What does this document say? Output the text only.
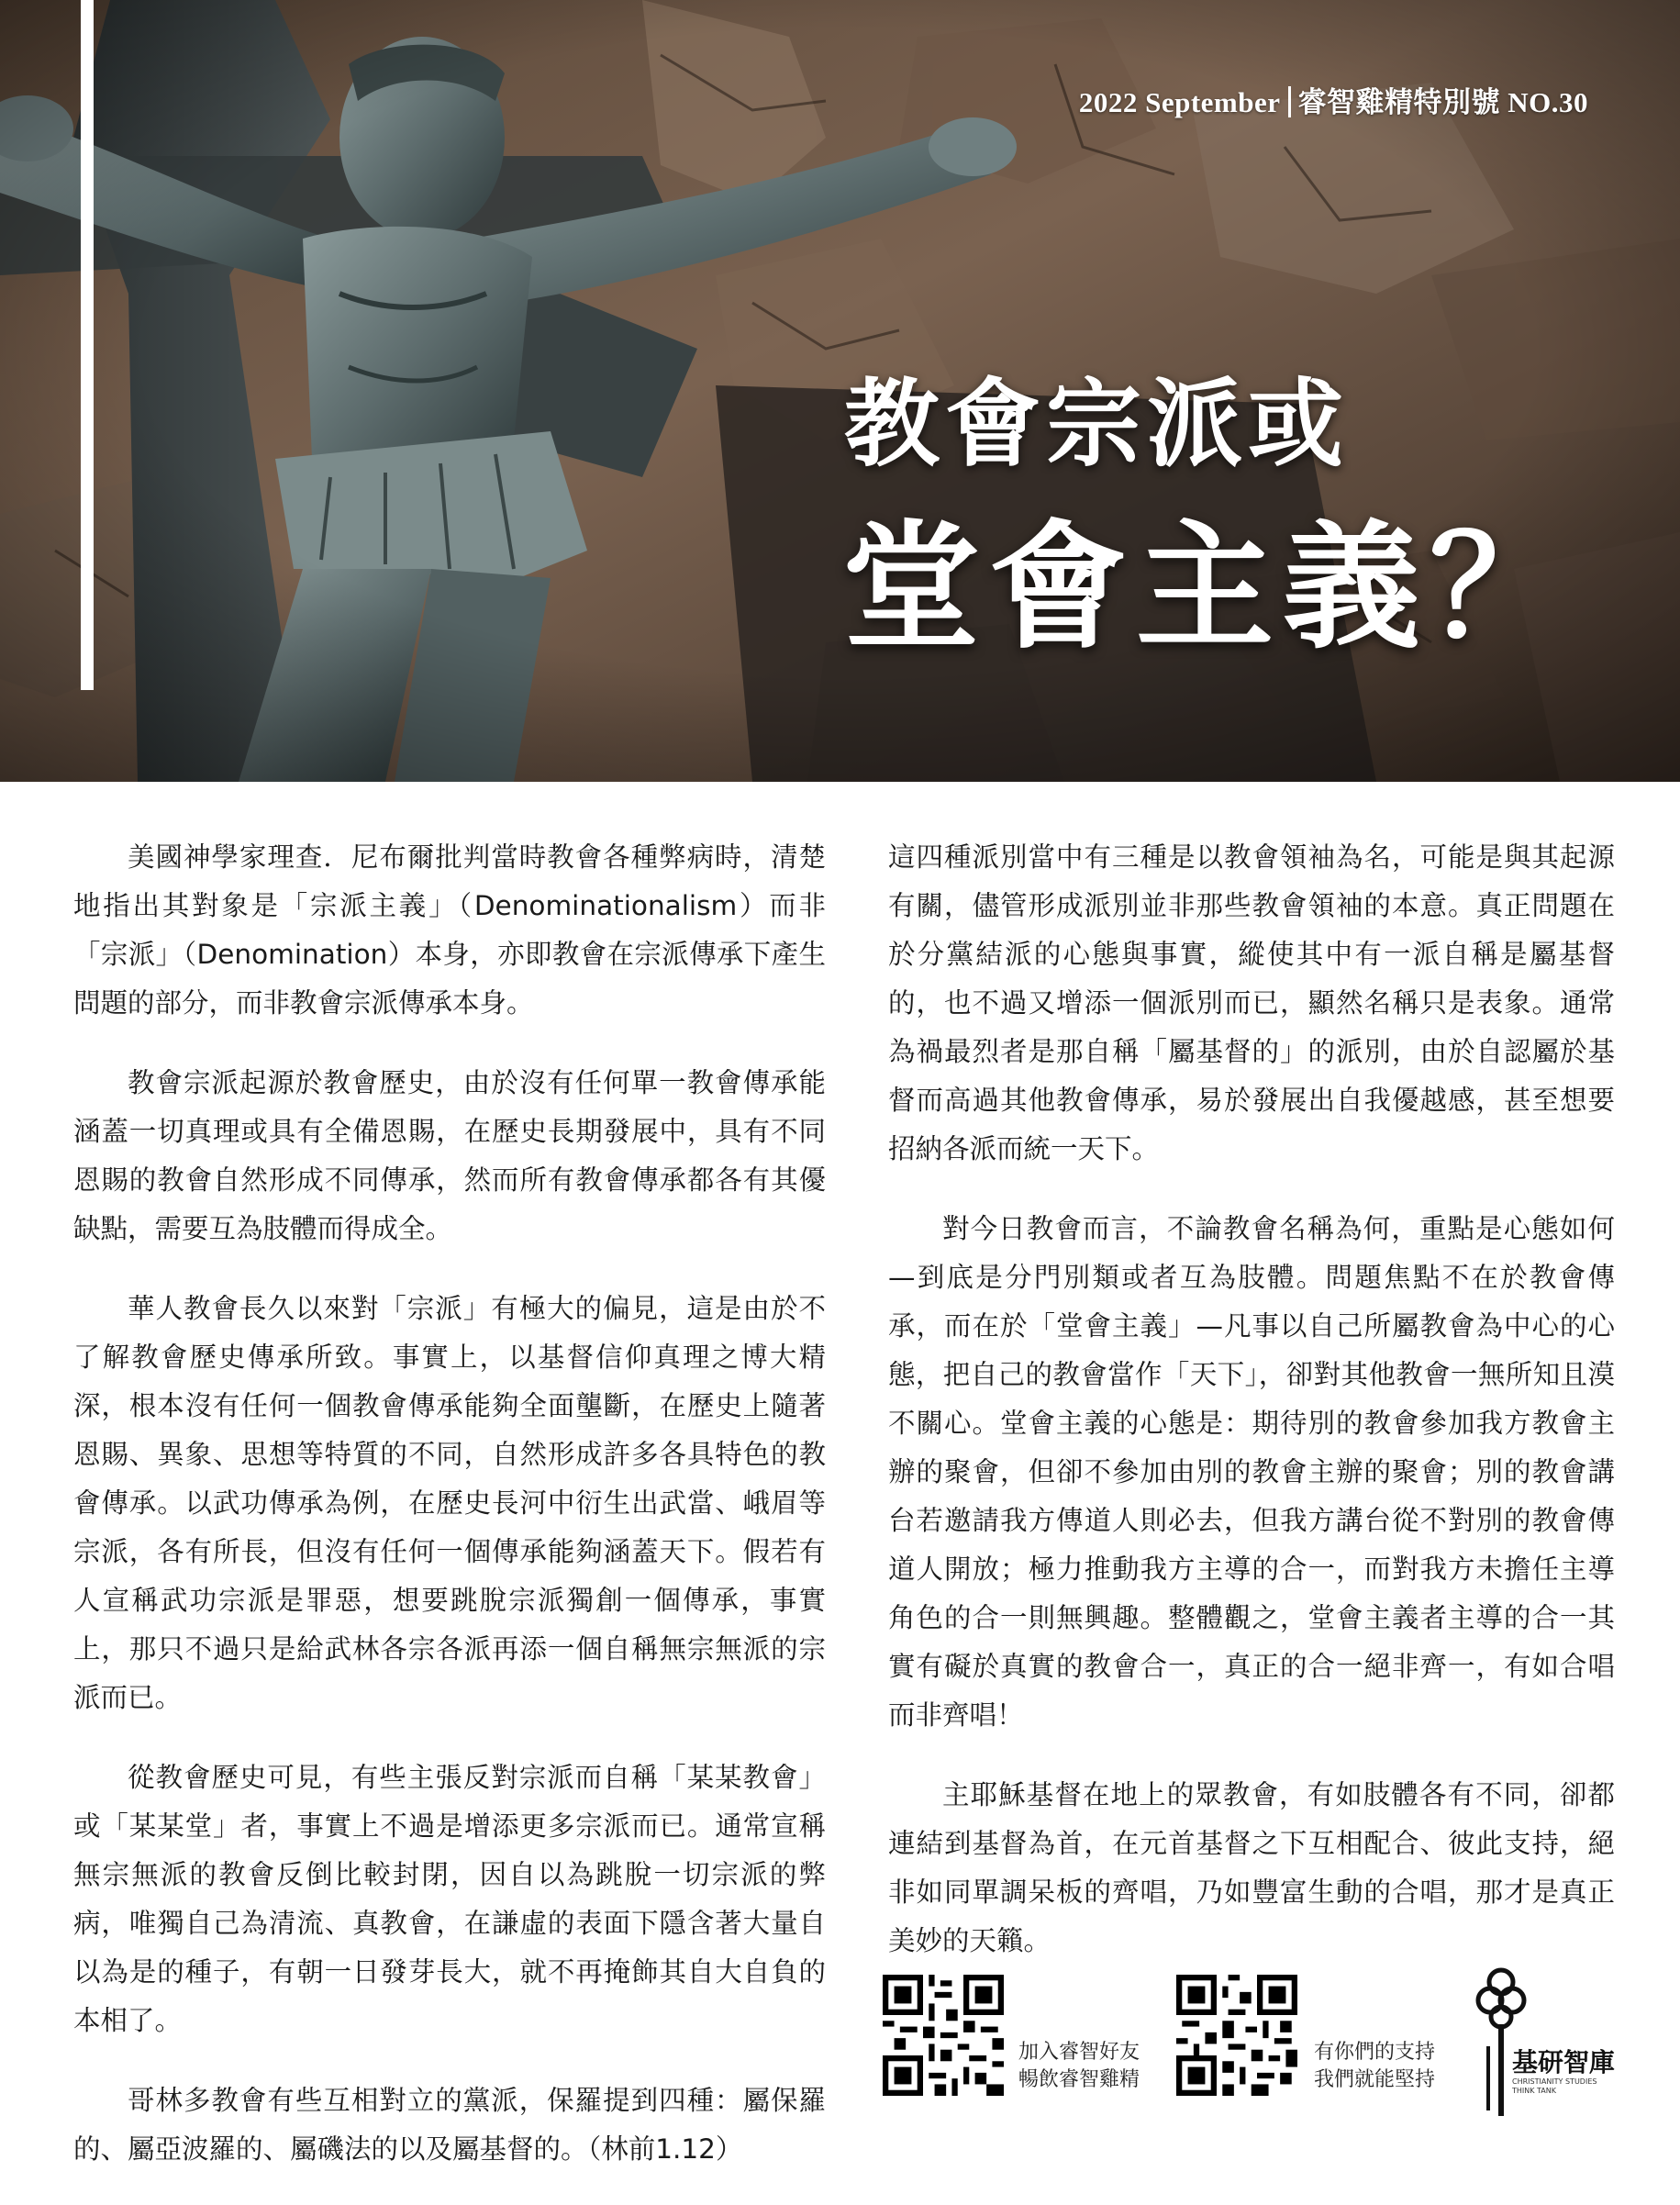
2022 September 睿智雞精特別號 NO.30
教會宗派或
堂會主義？

美國神學家理查．尼布爾批判當時教會各種弊病時，清楚地指出其對象是「宗派主義」（Denominationalism）而非「宗派」（Denomination）本身，亦即教會在宗派傳承下產生問題的部分，而非教會宗派傳承本身。

教會宗派起源於教會歷史，由於沒有任何單一教會傳承能涵蓋一切真理或具有全備恩賜，在歷史長期發展中，具有不同恩賜的教會自然形成不同傳承，然而所有教會傳承都各有其優缺點，需要互為肢體而得成全。

華人教會長久以來對「宗派」有極大的偏見，這是由於不了解教會歷史傳承所致。事實上，以基督信仰真理之博大精深，根本沒有任何一個教會傳承能夠全面壟斷，在歷史上隨著恩賜、異象、思想等特質的不同，自然形成許多各具特色的教會傳承。以武功傳承為例，在歷史長河中衍生出武當、峨眉等宗派，各有所長，但沒有任何一個傳承能夠涵蓋天下。假若有人宣稱武功宗派是罪惡，想要跳脫宗派獨創一個傳承，事實上，那只不過只是給武林各宗各派再添一個自稱無宗無派的宗派而已。

從教會歷史可見，有些主張反對宗派而自稱「某某教會」或「某某堂」者，事實上不過是增添更多宗派而已。通常宣稱無宗無派的教會反倒比較封閉，因自以為跳脫一切宗派的弊病，唯獨自己為清流、真教會，在謙虛的表面下隱含著大量自以為是的種子，有朝一日發芽長大，就不再掩飾其自大自負的本相了。

哥林多教會有些互相對立的黨派，保羅提到四種：屬保羅的、屬亞波羅的、屬磯法的以及屬基督的。（林前1.12）

這四種派別當中有三種是以教會領袖為名，可能是與其起源有關，儘管形成派別並非那些教會領袖的本意。真正問題在於分黨結派的心態與事實，縱使其中有一派自稱是屬基督的，也不過又增添一個派別而已，顯然名稱只是表象。通常為禍最烈者是那自稱「屬基督的」的派別，由於自認屬於基督而高過其他教會傳承，易於發展出自我優越感，甚至想要招納各派而統一天下。

對今日教會而言，不論教會名稱為何，重點是心態如何—到底是分門別類或者互為肢體。問題焦點不在於教會傳承，而在於「堂會主義」—凡事以自己所屬教會為中心的心態，把自己的教會當作「天下」，卻對其他教會一無所知且漠不關心。堂會主義的心態是：期待別的教會參加我方教會主辦的聚會，但卻不參加由別的教會主辦的聚會；別的教會講台若邀請我方傳道人則必去，但我方講台從不對別的教會傳道人開放；極力推動我方主導的合一，而對我方未擔任主導角色的合一則無興趣。整體觀之，堂會主義者主導的合一其實有礙於真實的教會合一，真正的合一絕非齊一，有如合唱而非齊唱！

主耶穌基督在地上的眾教會，有如肢體各有不同，卻都連結到基督為首，在元首基督之下互相配合、彼此支持，絕非如同單調呆板的齊唱，乃如豐富生動的合唱，那才是真正美妙的天籟。

加入睿智好友
暢飲睿智雞精
有你們的支持
我們就能堅持
基研智庫
CHRISTIANITY STUDIES THINK TANK
